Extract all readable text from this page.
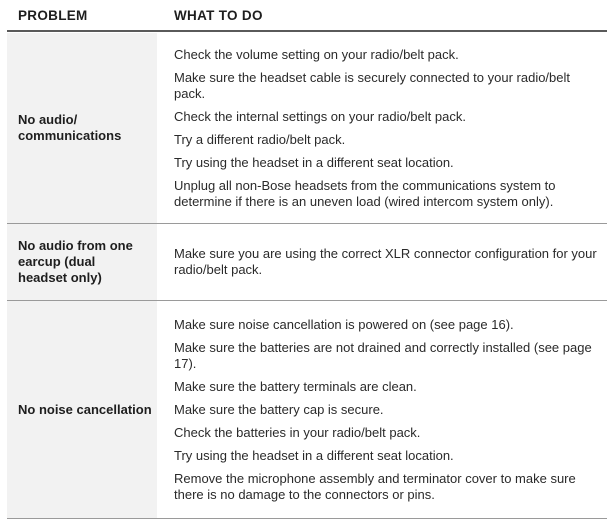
PROBLEM	WHAT TO DO
No audio/ communications

Check the volume setting on your radio/belt pack.

Make sure the headset cable is securely connected to your radio/belt pack.

Check the internal settings on your radio/belt pack.

Try a different radio/belt pack.

Try using the headset in a different seat location.

Unplug all non-Bose headsets from the communications system to determine if there is an uneven load (wired intercom system only).

No audio from one earcup (dual headset only)

Make sure you are using the correct XLR connector configuration for your radio/belt pack.

No noise cancellation

Make sure noise cancellation is powered on (see page 16).

Make sure the batteries are not drained and correctly installed (see page 17).

Make sure the battery terminals are clean.

Make sure the battery cap is secure.

Check the batteries in your radio/belt pack.

Try using the headset in a different seat location.

Remove the microphone assembly and terminator cover to make sure there is no damage to the connectors or pins.
